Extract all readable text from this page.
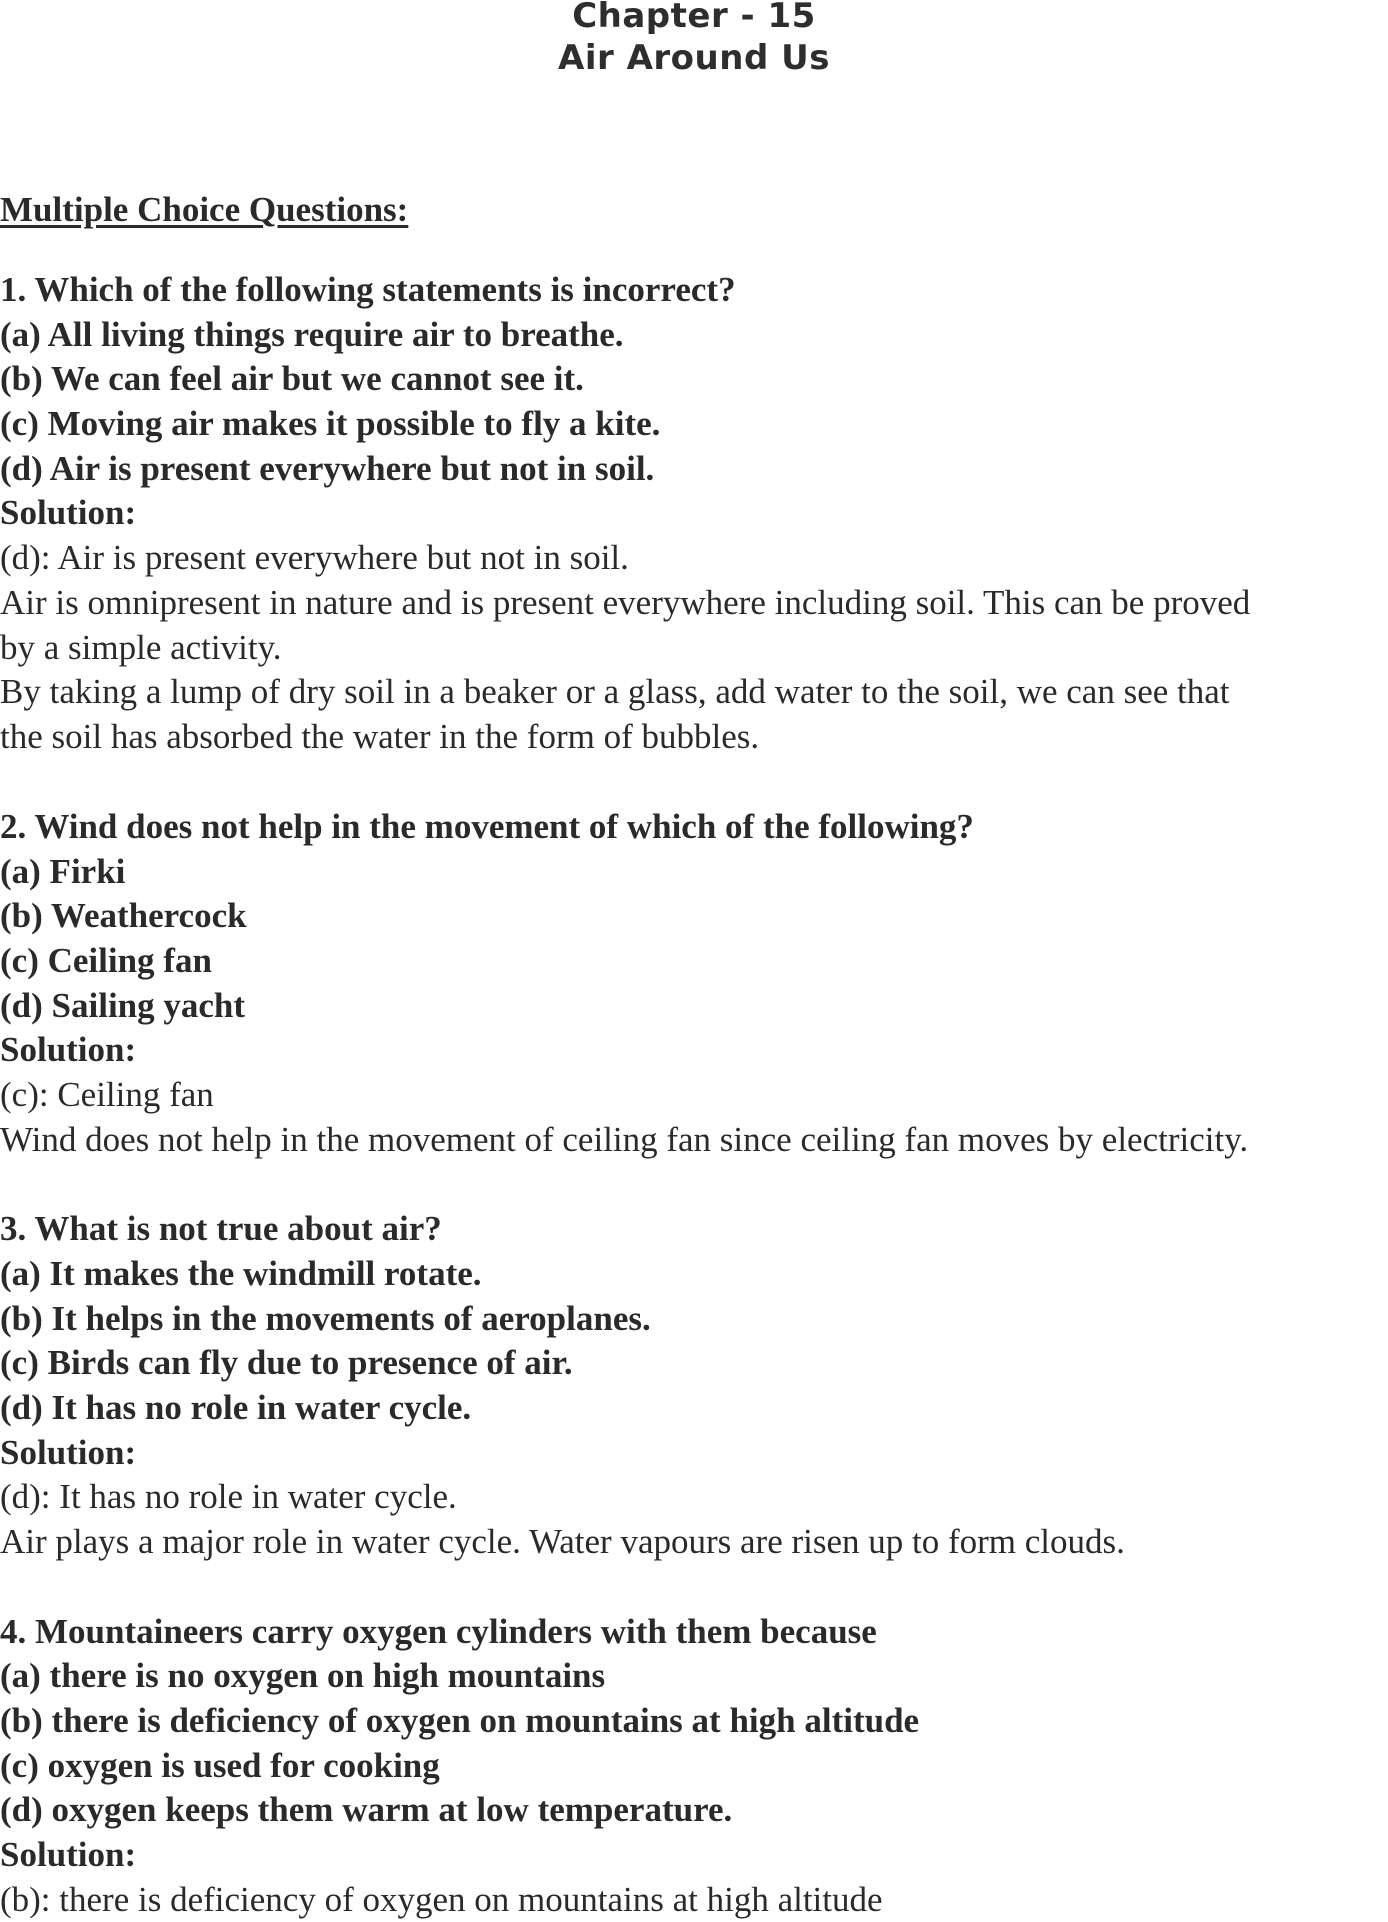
Chapter - 15
Air Around Us
Multiple Choice Questions:
1. Which of the following statements is incorrect?
(a) All living things require air to breathe.
(b) We can feel air but we cannot see it.
(c) Moving air makes it possible to fly a kite.
(d) Air is present everywhere but not in soil.
Solution:
(d): Air is present everywhere but not in soil.
Air is omnipresent in nature and is present everywhere including soil. This can be proved
by a simple activity.
By taking a lump of dry soil in a beaker or a glass, add water to the soil, we can see that
the soil has absorbed the water in the form of bubbles.
2. Wind does not help in the movement of which of the following?
(a) Firki
(b) Weathercock
(c) Ceiling fan
(d) Sailing yacht
Solution:
(c): Ceiling fan
Wind does not help in the movement of ceiling fan since ceiling fan moves by electricity.
3. What is not true about air?
(a) It makes the windmill rotate.
(b) It helps in the movements of aeroplanes.
(c) Birds can fly due to presence of air.
(d) It has no role in water cycle.
Solution:
(d): It has no role in water cycle.
Air plays a major role in water cycle. Water vapours are risen up to form clouds.
4. Mountaineers carry oxygen cylinders with them because
(a) there is no oxygen on high mountains
(b) there is deficiency of oxygen on mountains at high altitude
(c) oxygen is used for cooking
(d) oxygen keeps them warm at low temperature.
Solution:
(b): there is deficiency of oxygen on mountains at high altitude
